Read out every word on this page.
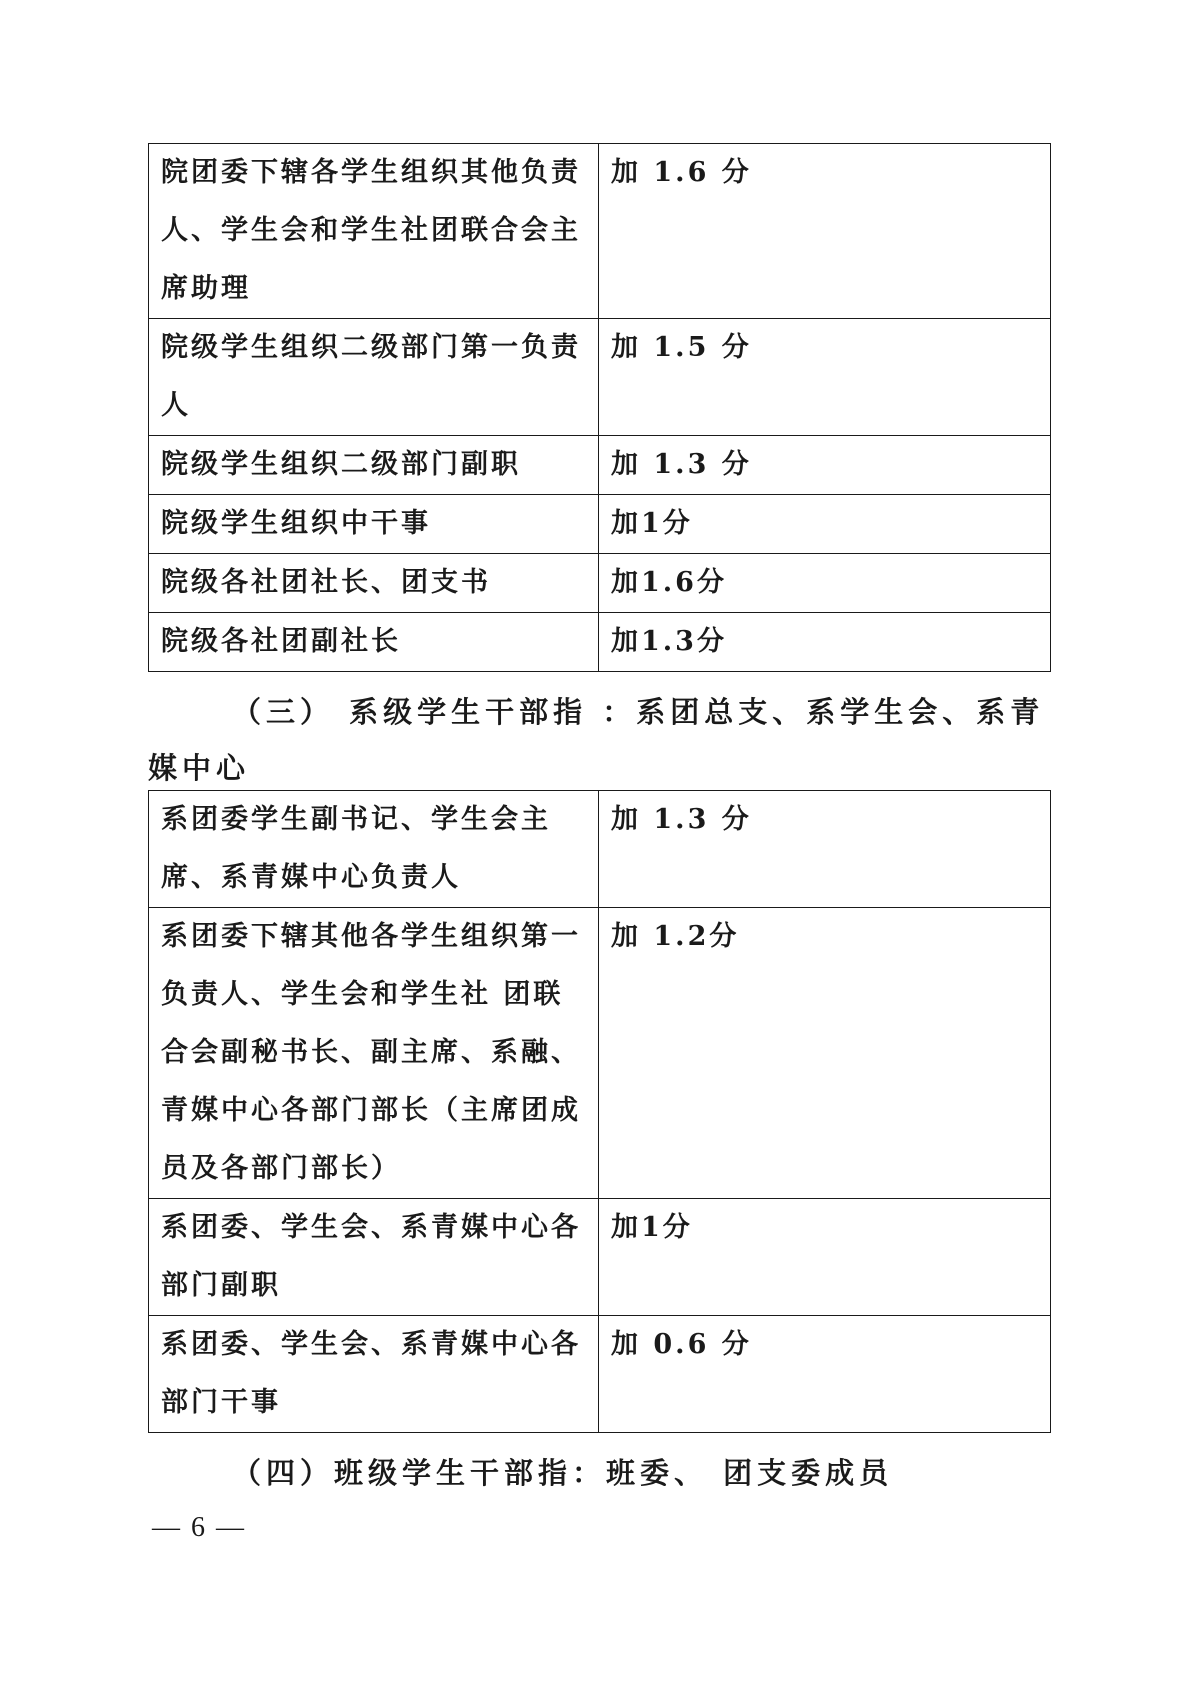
院团委下辖各学生组织其他负责人、学生会和学生社团联合会主席助理	加 1.6 分
院级学生组织二级部门第一负责人	加 1.5 分
院级学生组织二级部门副职	加 1.3 分
院级学生组织中干事	加1分
院级各社团社长、团支书	加1.6分
院级各社团副社长	加1.3分
（三） 系级学生干部指 ：系团总支、系学生会、系青媒中心
系团委学生副书记、学生会主席、系青媒中心负责人	加 1.3 分
系团委下辖其他各学生组织第一负责人、学生会和学生社 团联合会副秘书长、副主席、系融、青媒中心各部门部长（主席团成员及各部门部长）	加 1.2分
系团委、学生会、系青媒中心各部门副职	加1分
系团委、学生会、系青媒中心各部门干事	加 0.6 分
（四）班级学生干部指：班委、 团支委成员
— 6 —
